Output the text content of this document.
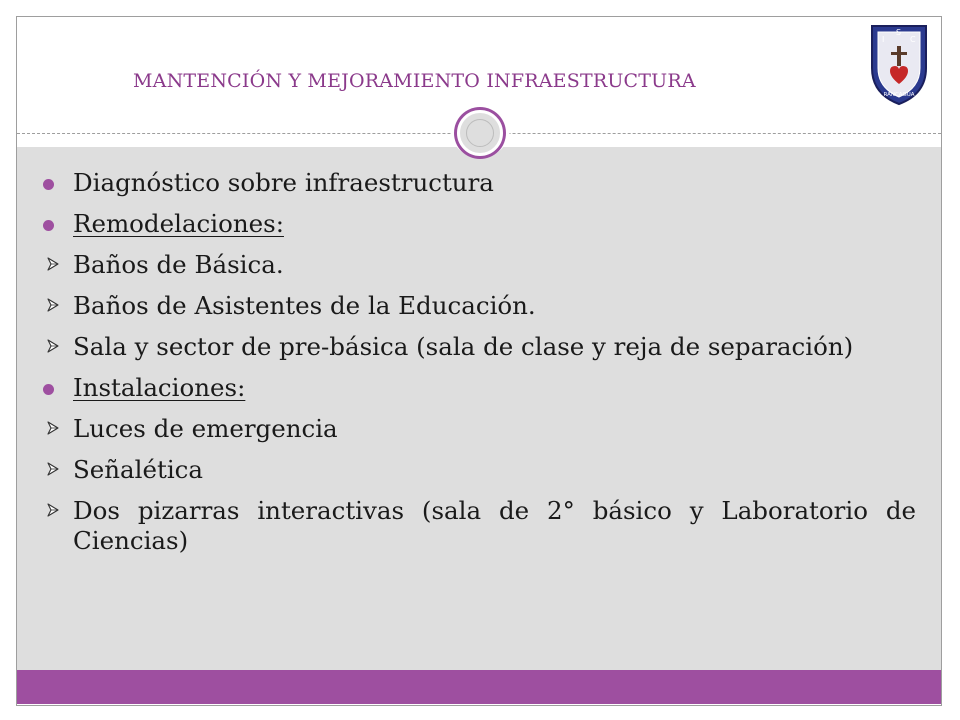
MANTENCIÓN Y MEJORAMIENTO INFRAESTRUCTURA
I
S
C
RANCAGUA
Diagnóstico sobre infraestructura
Remodelaciones:
Baños de Básica.
Baños de Asistentes de la Educación.
Sala y sector de pre-básica (sala de clase y reja de separación)
Instalaciones:
Luces de emergencia
Señalética
Dos pizarras interactivas (sala de 2° básico y Laboratorio de Ciencias)
